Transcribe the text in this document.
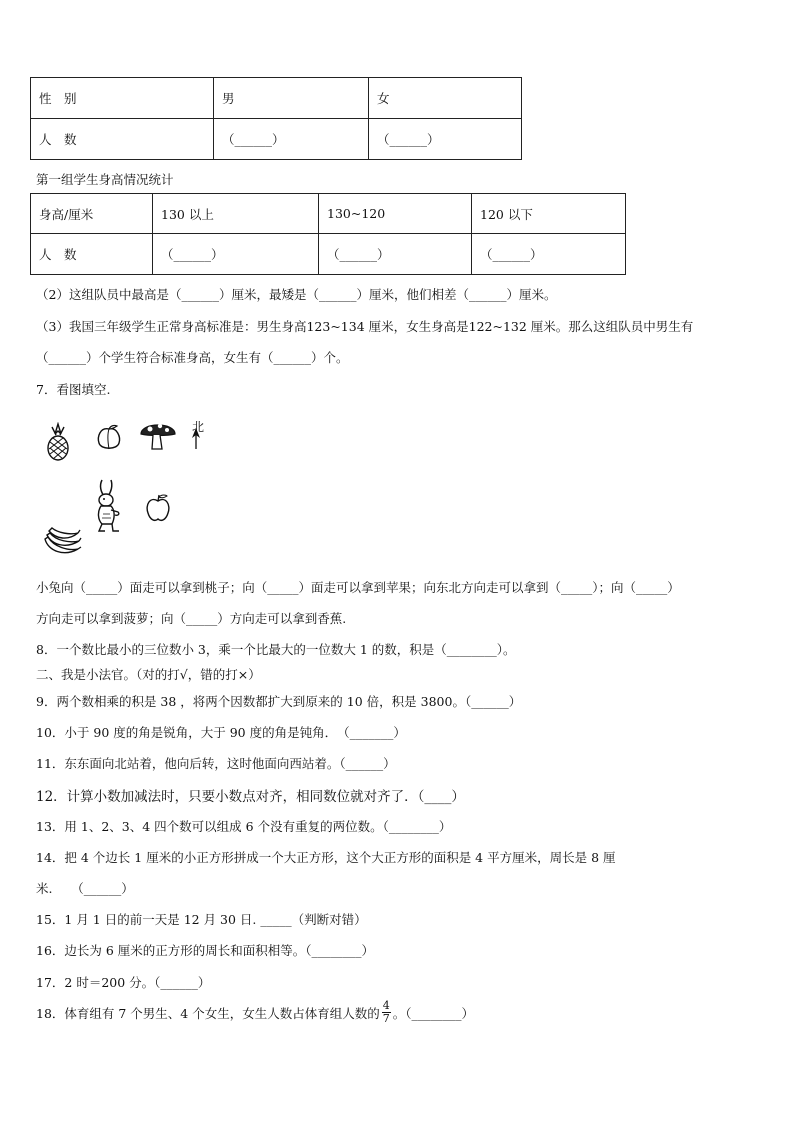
性　别	男	女
人　数	（______）	（______）
第一组学生身高情况统计
身高/厘米	130 以上	130~120	120 以下
人　数	（______）	（______）	（______）
（2）这组队员中最高是（______）厘米，最矮是（______）厘米，他们相差（______）厘米。
（3）我国三年级学生正常身高标准是：男生身高123~134 厘米，女生身高是122~132 厘米。那么这组队员中男生有
（______）个学生符合标准身高，女生有（______）个。
7．看图填空.
北
小兔向（_____）面走可以拿到桃子；向（_____）面走可以拿到苹果；向东北方向走可以拿到（_____）；向（_____）
方向走可以拿到菠萝；向（_____）方向走可以拿到香蕉.
8．一个数比最小的三位数小 3，乘一个比最大的一位数大 1 的数，积是（________）。
二、我是小法官。（对的打√，错的打×）
9．两个数相乘的积是 38 ，将两个因数都扩大到原来的 10 倍，积是 3800。（______）
10．小于 90 度的角是锐角，大于 90 度的角是钝角．　（_______）
11．东东面向北站着，他向后转，这时他面向西站着。（______）
12．计算小数加减法时，只要小数点对齐，相同数位就对齐了．（____）
13．用 1、2、3、4 四个数可以组成 6 个没有重复的两位数。（________）
14．把 4 个边长 1 厘米的小正方形拼成一个大正方形，这个大正方形的面积是 4 平方厘米，周长是 8 厘
米.　　（______）
15．1 月 1 日的前一天是 12 月 30 日. _____（判断对错）
16．边长为 6 厘米的正方形的周长和面积相等。（________）
17．2 时＝200 分。（______）
18．体育组有 7 个男生、4 个女生，女生人数占体育组人数的 $\frac{4}{7}$ 。（________）
